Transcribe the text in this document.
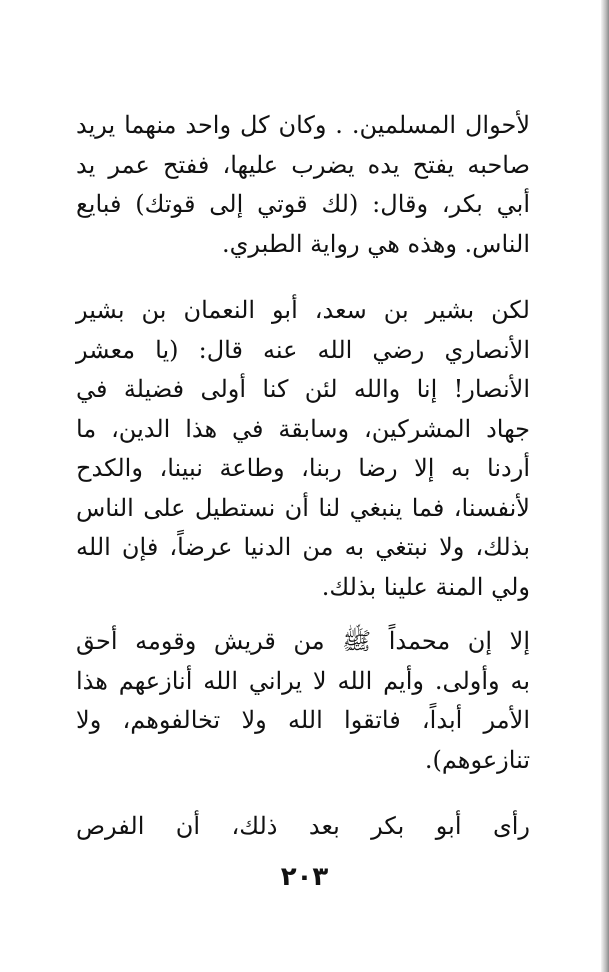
لأحوال المسلمين. . وكان كل واحد منهما يريد
صاحبه يفتح يده يضرب عليها، ففتح عمر يد
أبي بكر، وقال: (لك قوتي إلى قوتك) فبايع
الناس. وهذه هي رواية الطبري.
لكن بشير بن سعد، أبو النعمان بن بشير
الأنصاري رضي الله عنه قال: (يا معشر
الأنصار! إنا والله لئن كنا أولى فضيلة في
جهاد المشركين، وسابقة في هذا الدين، ما
أردنا به إلا رضا ربنا، وطاعة نبينا، والكدح
لأنفسنا، فما ينبغي لنا أن نستطيل على الناس
بذلك، ولا نبتغي به من الدنيا عرضاً، فإن الله
ولي المنة علينا بذلك.
إلا إن محمداً ﷺ من قريش وقومه أحق
به وأولى. وأيم الله لا يراني الله أنازعهم هذا
الأمر أبداً، فاتقوا الله ولا تخالفوهم، ولا
تنازعوهم).
رأى أبو بكر بعد ذلك، أن الفرص
٢٠٣
